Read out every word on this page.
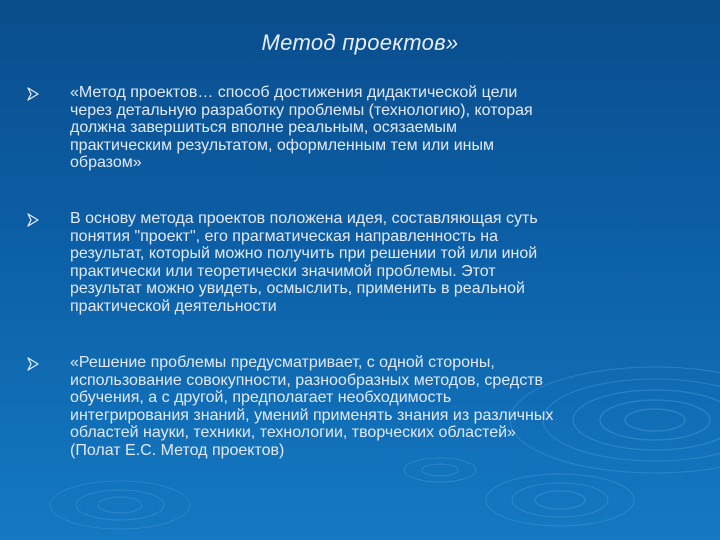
Метод проектов»
«Метод проектов… способ достижения дидактической цели
через детальную разработку проблемы (технологию), которая
должна завершиться вполне реальным, осязаемым
практическим результатом, оформленным тем или иным
образом»
В основу метода проектов положена идея, составляющая суть
понятия "проект", его прагматическая направленность на
результат, который можно получить при решении той или иной
практически или теоретически значимой проблемы. Этот
результат можно увидеть, осмыслить, применить в реальной
практической деятельности
«Решение проблемы предусматривает, с одной стороны,
использование совокупности, разнообразных методов, средств
обучения, а с другой, предполагает необходимость
интегрирования знаний, умений применять знания из различных
областей науки, техники, технологии, творческих областей»
(Полат Е.С. Метод проектов)
